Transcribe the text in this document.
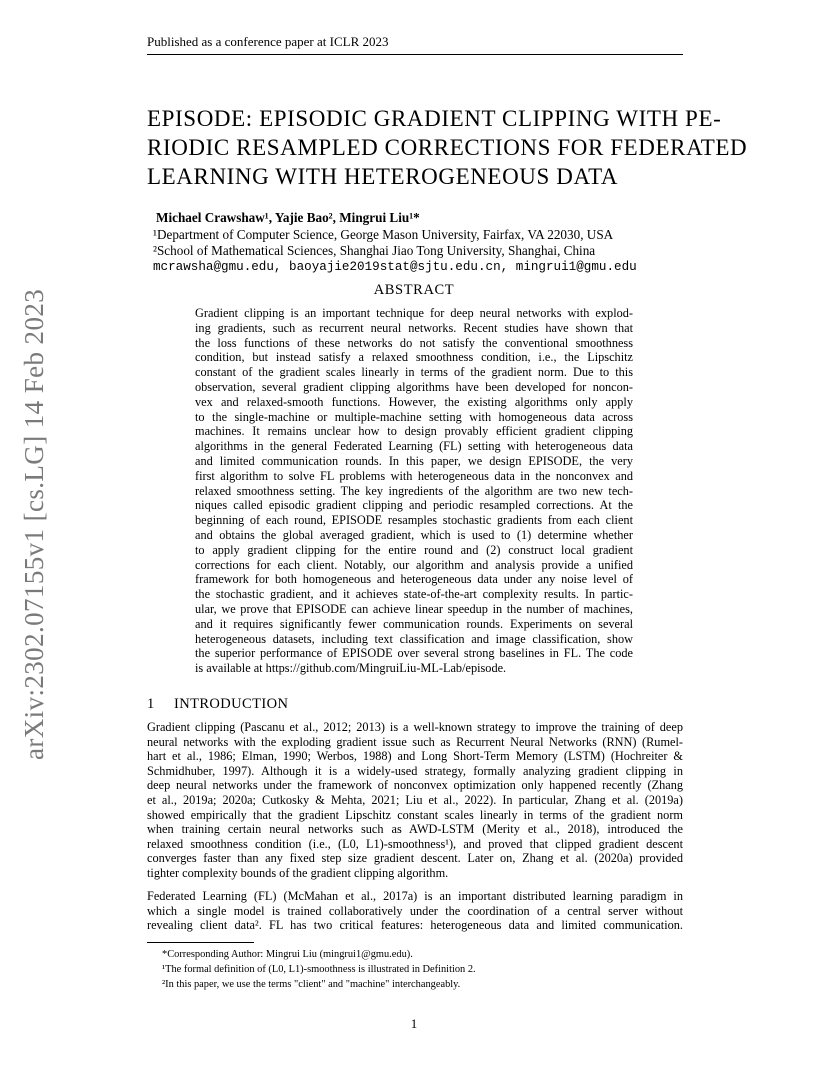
Published as a conference paper at ICLR 2023
arXiv:2302.07155v1 [cs.LG] 14 Feb 2023
EPISODE: EPISODIC GRADIENT CLIPPING WITH PE-
RIODIC RESAMPLED CORRECTIONS FOR FEDERATED
LEARNING WITH HETEROGENEOUS DATA
Michael Crawshaw¹, Yajie Bao², Mingrui Liu¹*
¹Department of Computer Science, George Mason University, Fairfax, VA 22030, USA
²School of Mathematical Sciences, Shanghai Jiao Tong University, Shanghai, China
mcrawsha@gmu.edu, baoyajie2019stat@sjtu.edu.cn, mingrui1@gmu.edu
ABSTRACT
Gradient clipping is an important technique for deep neural networks with explod-
ing gradients, such as recurrent neural networks. Recent studies have shown that
the loss functions of these networks do not satisfy the conventional smoothness
condition, but instead satisfy a relaxed smoothness condition, i.e., the Lipschitz
constant of the gradient scales linearly in terms of the gradient norm. Due to this
observation, several gradient clipping algorithms have been developed for noncon-
vex and relaxed-smooth functions. However, the existing algorithms only apply
to the single-machine or multiple-machine setting with homogeneous data across
machines. It remains unclear how to design provably efficient gradient clipping
algorithms in the general Federated Learning (FL) setting with heterogeneous data
and limited communication rounds. In this paper, we design EPISODE, the very
first algorithm to solve FL problems with heterogeneous data in the nonconvex and
relaxed smoothness setting. The key ingredients of the algorithm are two new tech-
niques called episodic gradient clipping and periodic resampled corrections. At the
beginning of each round, EPISODE resamples stochastic gradients from each client
and obtains the global averaged gradient, which is used to (1) determine whether
to apply gradient clipping for the entire round and (2) construct local gradient
corrections for each client. Notably, our algorithm and analysis provide a unified
framework for both homogeneous and heterogeneous data under any noise level of
the stochastic gradient, and it achieves state-of-the-art complexity results. In partic-
ular, we prove that EPISODE can achieve linear speedup in the number of machines,
and it requires significantly fewer communication rounds. Experiments on several
heterogeneous datasets, including text classification and image classification, show
the superior performance of EPISODE over several strong baselines in FL. The code
is available at https://github.com/MingruiLiu-ML-Lab/episode.
1 INTRODUCTION
Gradient clipping (Pascanu et al., 2012; 2013) is a well-known strategy to improve the training of deep
neural networks with the exploding gradient issue such as Recurrent Neural Networks (RNN) (Rumel-
hart et al., 1986; Elman, 1990; Werbos, 1988) and Long Short-Term Memory (LSTM) (Hochreiter &
Schmidhuber, 1997). Although it is a widely-used strategy, formally analyzing gradient clipping in
deep neural networks under the framework of nonconvex optimization only happened recently (Zhang
et al., 2019a; 2020a; Cutkosky & Mehta, 2021; Liu et al., 2022). In particular, Zhang et al. (2019a)
showed empirically that the gradient Lipschitz constant scales linearly in terms of the gradient norm
when training certain neural networks such as AWD-LSTM (Merity et al., 2018), introduced the
relaxed smoothness condition (i.e., (L0, L1)-smoothness¹), and proved that clipped gradient descent
converges faster than any fixed step size gradient descent. Later on, Zhang et al. (2020a) provided
tighter complexity bounds of the gradient clipping algorithm.
Federated Learning (FL) (McMahan et al., 2017a) is an important distributed learning paradigm in
which a single model is trained collaboratively under the coordination of a central server without
revealing client data². FL has two critical features: heterogeneous data and limited communication.
*Corresponding Author: Mingrui Liu (mingrui1@gmu.edu).
¹The formal definition of (L0, L1)-smoothness is illustrated in Definition 2.
²In this paper, we use the terms "client" and "machine" interchangeably.
1
